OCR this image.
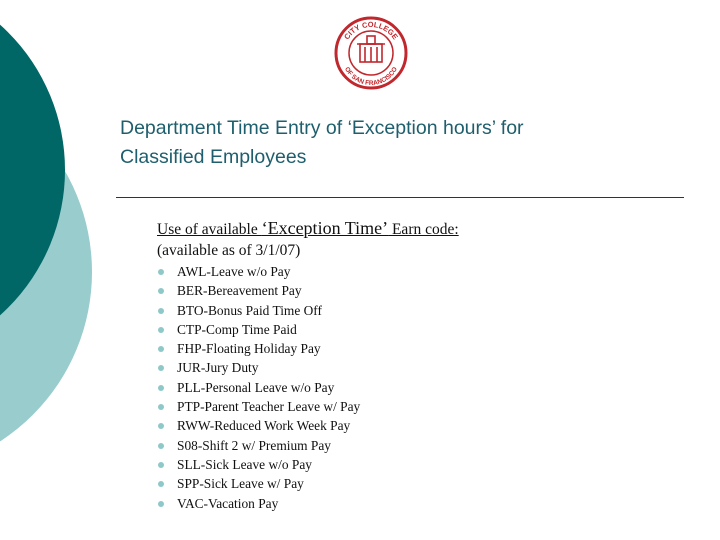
CITY COLLEGE
OF SAN FRANCISCO
Department Time Entry of ‘Exception hours’ for
Classified Employees
Use of available ‘Exception Time’ Earn code:
(available as of 3/1/07)
AWL-Leave w/o Pay
BER-Bereavement Pay
BTO-Bonus Paid Time Off
CTP-Comp Time Paid
FHP-Floating Holiday Pay
JUR-Jury Duty
PLL-Personal Leave w/o Pay
PTP-Parent Teacher Leave w/ Pay
RWW-Reduced Work Week Pay
S08-Shift 2 w/ Premium Pay
SLL-Sick Leave w/o Pay
SPP-Sick Leave w/ Pay
VAC-Vacation Pay
